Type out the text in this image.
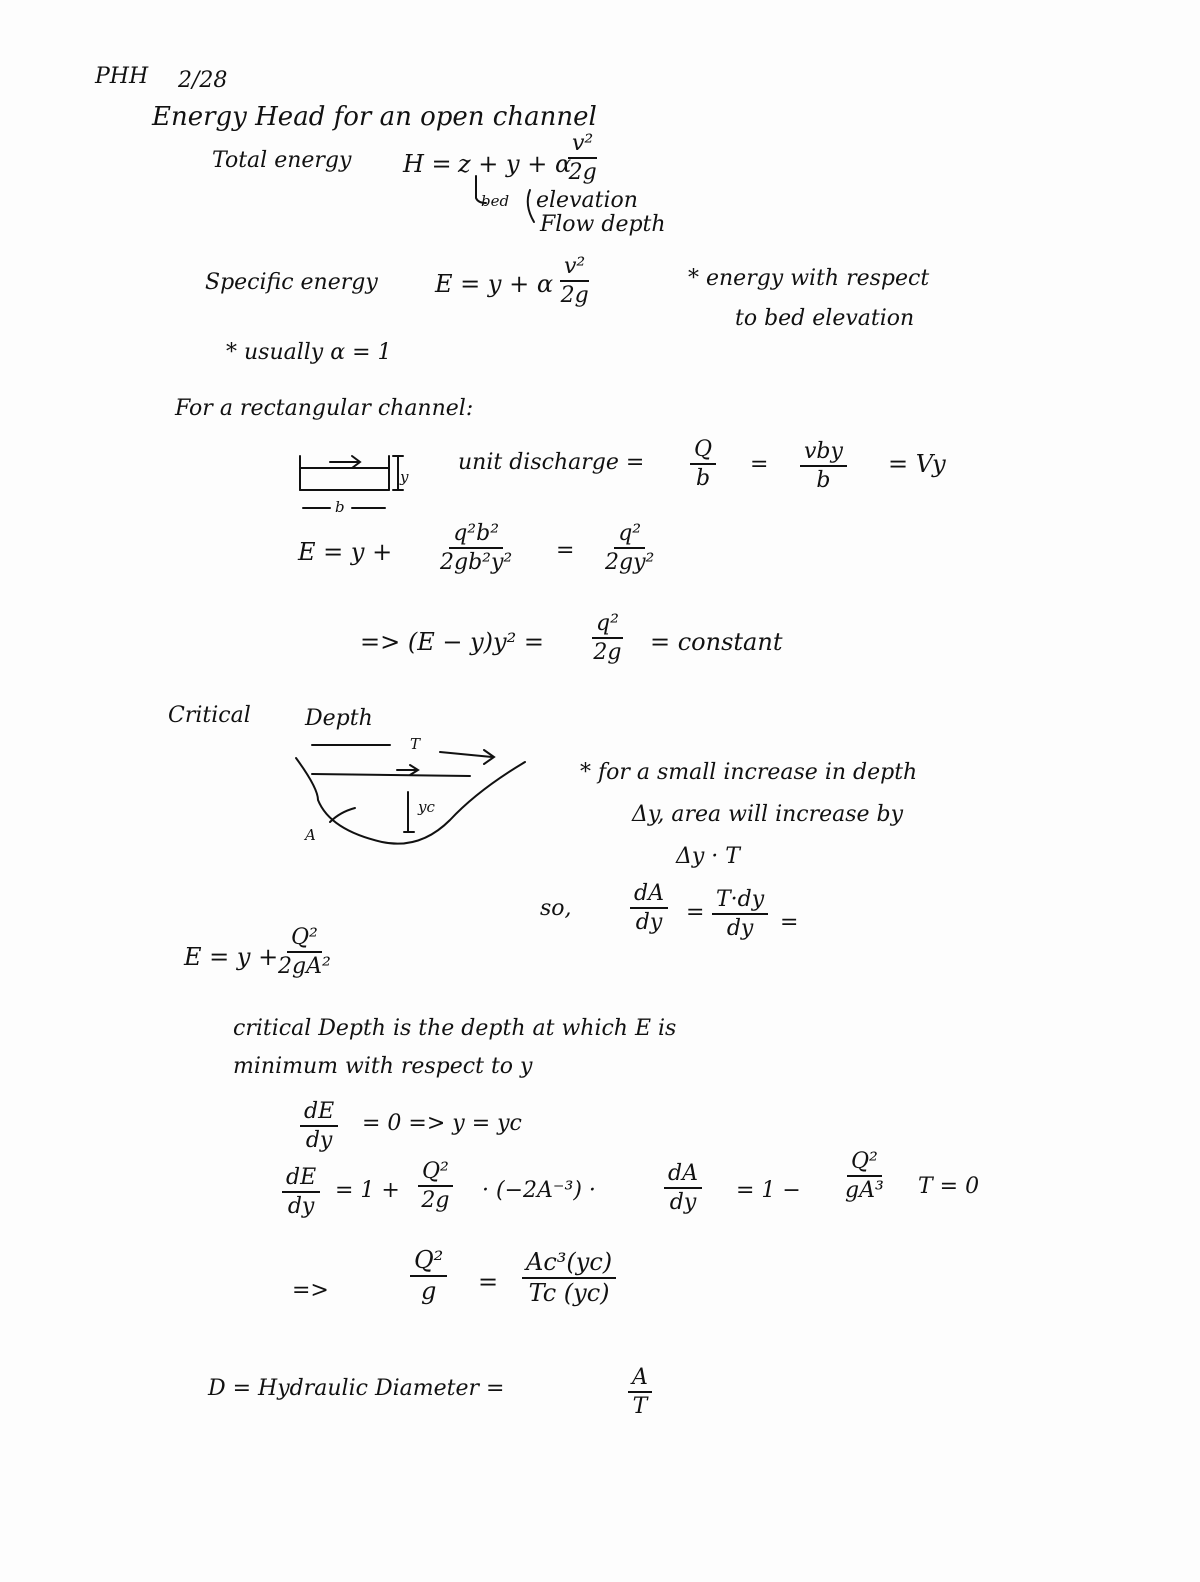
PHH 2/28
Energy Head for an open channel
Total energy H = z + y + α
$\frac{\text{v²}}{2g}$
bed elevation
Flow depth
Specific energy E = y + α $\frac{\text{v²}}{2g}$	* energy with respect
to bed elevation
* usually α = 1
For a rectangular channel:
b
y
unit discharge = $\frac{Q}{b}$ =
vby
b
= Vy
$E = y + \frac{\text{q²b²}}{\text{2gb²y²}} = \frac{\text{q²}}{\text{2gy²}}$
=> $(E - y)y^2 = \frac{\text{q²}}{2g}$ = constant
Critical Depth
T
yc
A
* for a small increase in depth
Δy, area will increase by
Δy · T
so,	$\frac{dA}{dy} = \frac{T\cdot dy}{dy}$ =
$E = y + \frac{\text{Q²}}{\text{2gA²}}$
critical Depth is the depth at which E is
minimum with respect to y
$\frac{dE}{dy} = 0 => y$ = yc
$\frac{dE}{dy} = 1 + \frac{\text{Q²}}{2g} \cdot (-2A^{-3})$ ·	$\frac{dA}{dy} = 1 - \frac{\text{Q²}}{\text{gA³}}$ T = 0
=>	$\frac{\text{Q²}}{g} = \frac{\text{Ac³(yc)}}{Tc (yc)}$
D = Hydraulic Diameter =	$\frac{A}{T}$
